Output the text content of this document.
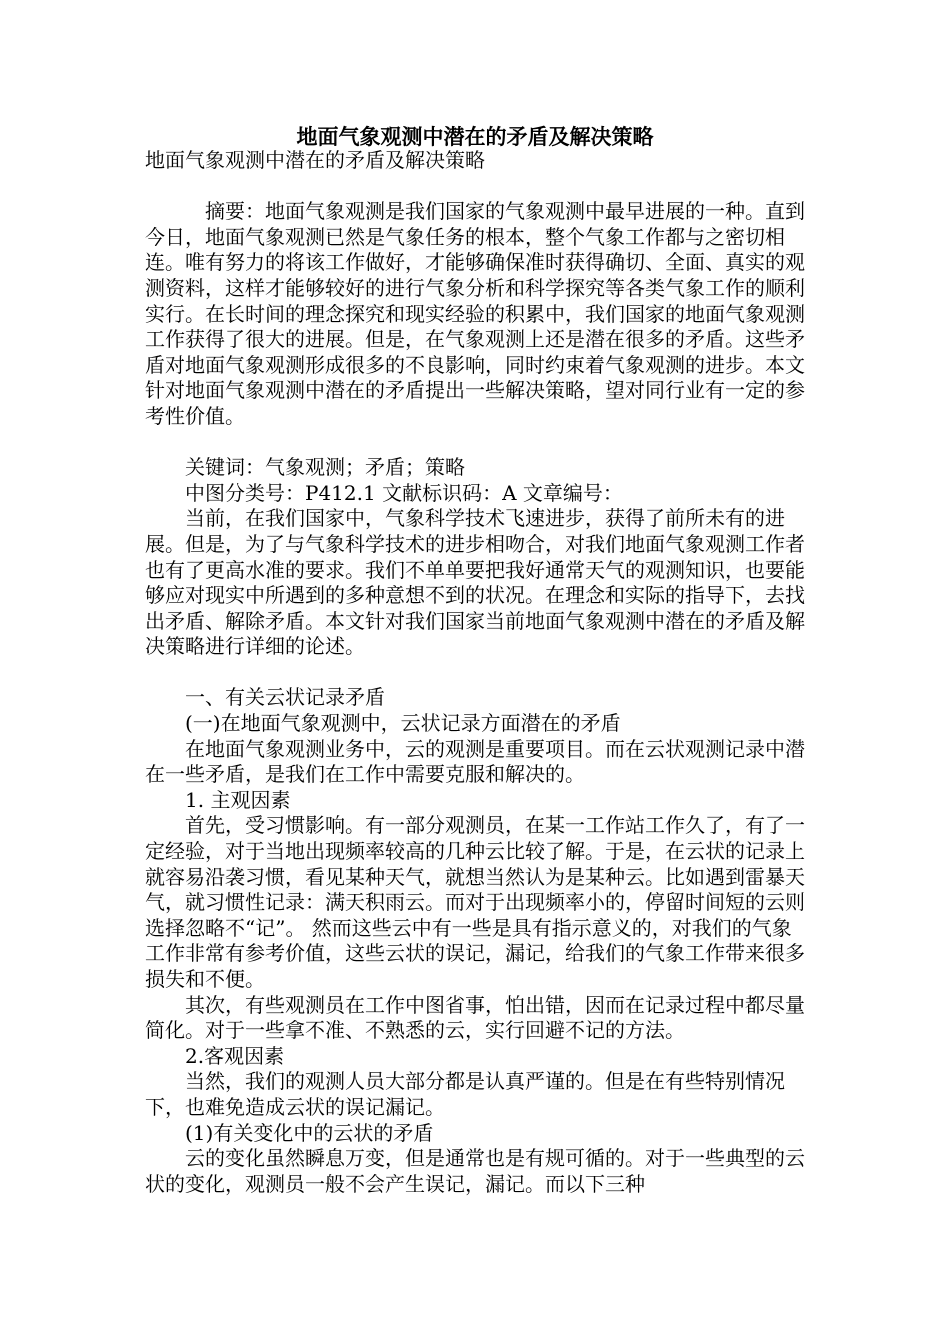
地面气象观测中潜在的矛盾及解决策略

地面气象观测中潜在的矛盾及解决策略

摘要：地面气象观测是我们国家的气象观测中最早进展的一种。直到今日，地面气象观测已然是气象任务的根本，整个气象工作都与之密切相连。唯有努力的将该工作做好，才能够确保准时获得确切、全面、真实的观测资料，这样才能够较好的进行气象分析和科学探究等各类气象工作的顺利实行。在长时间的理念探究和现实经验的积累中，我们国家的地面气象观测工作获得了很大的进展。但是，在气象观测上还是潜在很多的矛盾。这些矛盾对地面气象观测形成很多的不良影响，同时约束着气象观测的进步。本文针对地面气象观测中潜在的矛盾提出一些解决策略，望对同行业有一定的参考性价值。

关键词：气象观测；矛盾；策略

中图分类号：P412.1 文献标识码：A 文章编号：

当前，在我们国家中，气象科学技术飞速进步，获得了前所未有的进展。但是，为了与气象科学技术的进步相吻合，对我们地面气象观测工作者也有了更高水准的要求。我们不单单要把我好通常天气的观测知识，也要能够应对现实中所遇到的多种意想不到的状况。在理念和实际的指导下，去找出矛盾、解除矛盾。本文针对我们国家当前地面气象观测中潜在的矛盾及解决策略进行详细的论述。

一、有关云状记录矛盾

(一)在地面气象观测中，云状记录方面潜在的矛盾

在地面气象观测业务中，云的观测是重要项目。而在云状观测记录中潜在一些矛盾，是我们在工作中需要克服和解决的。

1. 主观因素

首先，受习惯影响。有一部分观测员，在某一工作站工作久了，有了一定经验，对于当地出现频率较高的几种云比较了解。于是，在云状的记录上就容易沿袭习惯，看见某种天气，就想当然认为是某种云。比如遇到雷暴天气，就习惯性记录：满天积雨云。而对于出现频率小的，停留时间短的云则选择忽略不“记”。 然而这些云中有一些是具有指示意义的，对我们的气象工作非常有参考价值，这些云状的误记，漏记，给我们的气象工作带来很多损失和不便。

其次，有些观测员在工作中图省事，怕出错，因而在记录过程中都尽量简化。对于一些拿不准、不熟悉的云，实行回避不记的方法。

2.客观因素

当然，我们的观测人员大部分都是认真严谨的。但是在有些特别情况下，也难免造成云状的误记漏记。

(1)有关变化中的云状的矛盾

云的变化虽然瞬息万变，但是通常也是有规可循的。对于一些典型的云状的变化，观测员一般不会产生误记，漏记。而以下三种
